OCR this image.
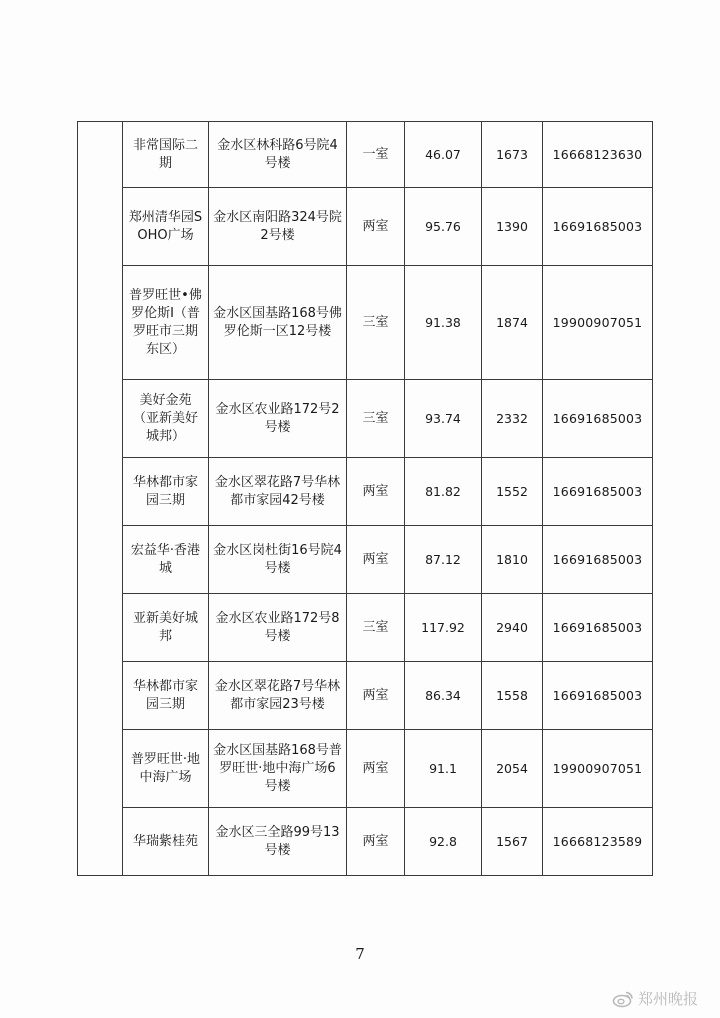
	非常国际二期	金水区林科路6号院4号楼	一室	46.07	1673	16668123630
	郑州清华园SOHO广场	金水区南阳路324号院2号楼	两室	95.76	1390	16691685003
	普罗旺世•佛罗伦斯Ⅰ（普罗旺市三期东区）	金水区国基路168号佛罗伦斯一区12号楼	三室	91.38	1874	19900907051
	美好金苑（亚新美好城邦）	金水区农业路172号2号楼	三室	93.74	2332	16691685003
	华林都市家园三期	金水区翠花路7号华林都市家园42号楼	两室	81.82	1552	16691685003
	宏益华·香港城	金水区岗杜街16号院4号楼	两室	87.12	1810	16691685003
	亚新美好城邦	金水区农业路172号8号楼	三室	117.92	2940	16691685003
	华林都市家园三期	金水区翠花路7号华林都市家园23号楼	两室	86.34	1558	16691685003
	普罗旺世·地中海广场	金水区国基路168号普罗旺世·地中海广场6号楼	两室	91.1	2054	19900907051
	华瑞紫桂苑	金水区三全路99号13号楼	两室	92.8	1567	16668123589
7
郑州晚报
